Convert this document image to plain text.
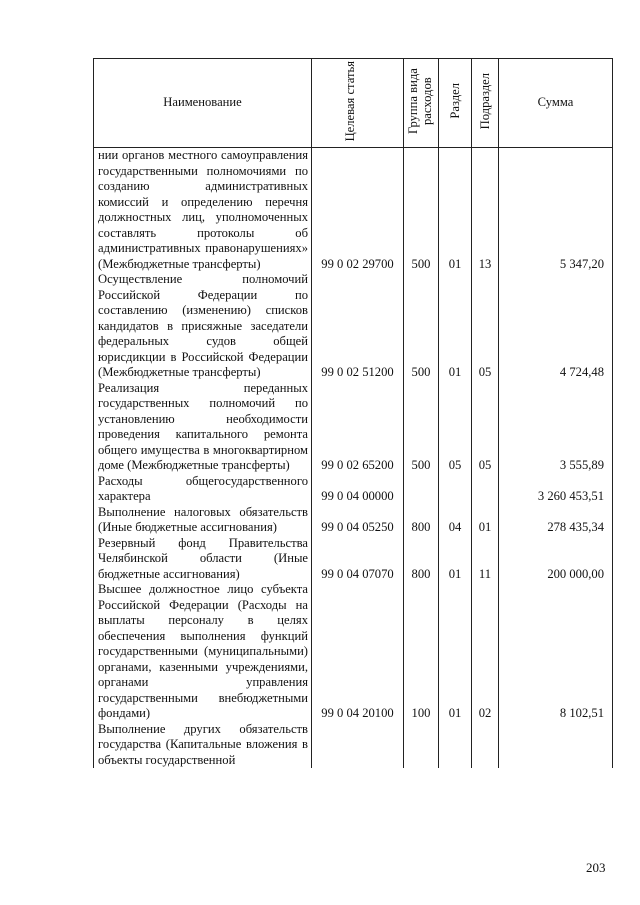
Наименование	Целевая статья	Группа вида расходов	Раздел	Подраздел	Сумма
нии органов местного самоуправления государственными полномочиями по созданию административных комиссий и определению перечня должностных лиц, уполномоченных составлять протоколы об административных правонарушениях» (Межбюджетные трансферты)	99 0 02 29700	500	01	13	5 347,20
Осуществление полномочий Российской Федерации по составлению (изменению) списков кандидатов в присяжные заседатели федеральных судов общей юрисдикции в Российской Федерации (Межбюджетные трансферты)	99 0 02 51200	500	01	05	4 724,48
Реализация переданных государственных полномочий по установлению необходимости проведения капитального ремонта общего имущества в многоквартирном доме (Межбюджетные трансферты)	99 0 02 65200	500	05	05	3 555,89
Расходы общегосударственного характера	99 0 04 00000				3 260 453,51
Выполнение налоговых обязательств (Иные бюджетные ассигнования)	99 0 04 05250	800	04	01	278 435,34
Резервный фонд Правительства Челябинской области (Иные бюджетные ассигнования)	99 0 04 07070	800	01	11	200 000,00
Высшее должностное лицо субъекта Российской Федерации (Расходы на выплаты персоналу в целях обеспечения выполнения функций государственными (муниципальными) органами, казенными учреждениями, органами управления государственными внебюджетными фондами)	99 0 04 20100	100	01	02	8 102,51
Выполнение других обязательств государства (Капитальные вложения в объекты государственной					
203
